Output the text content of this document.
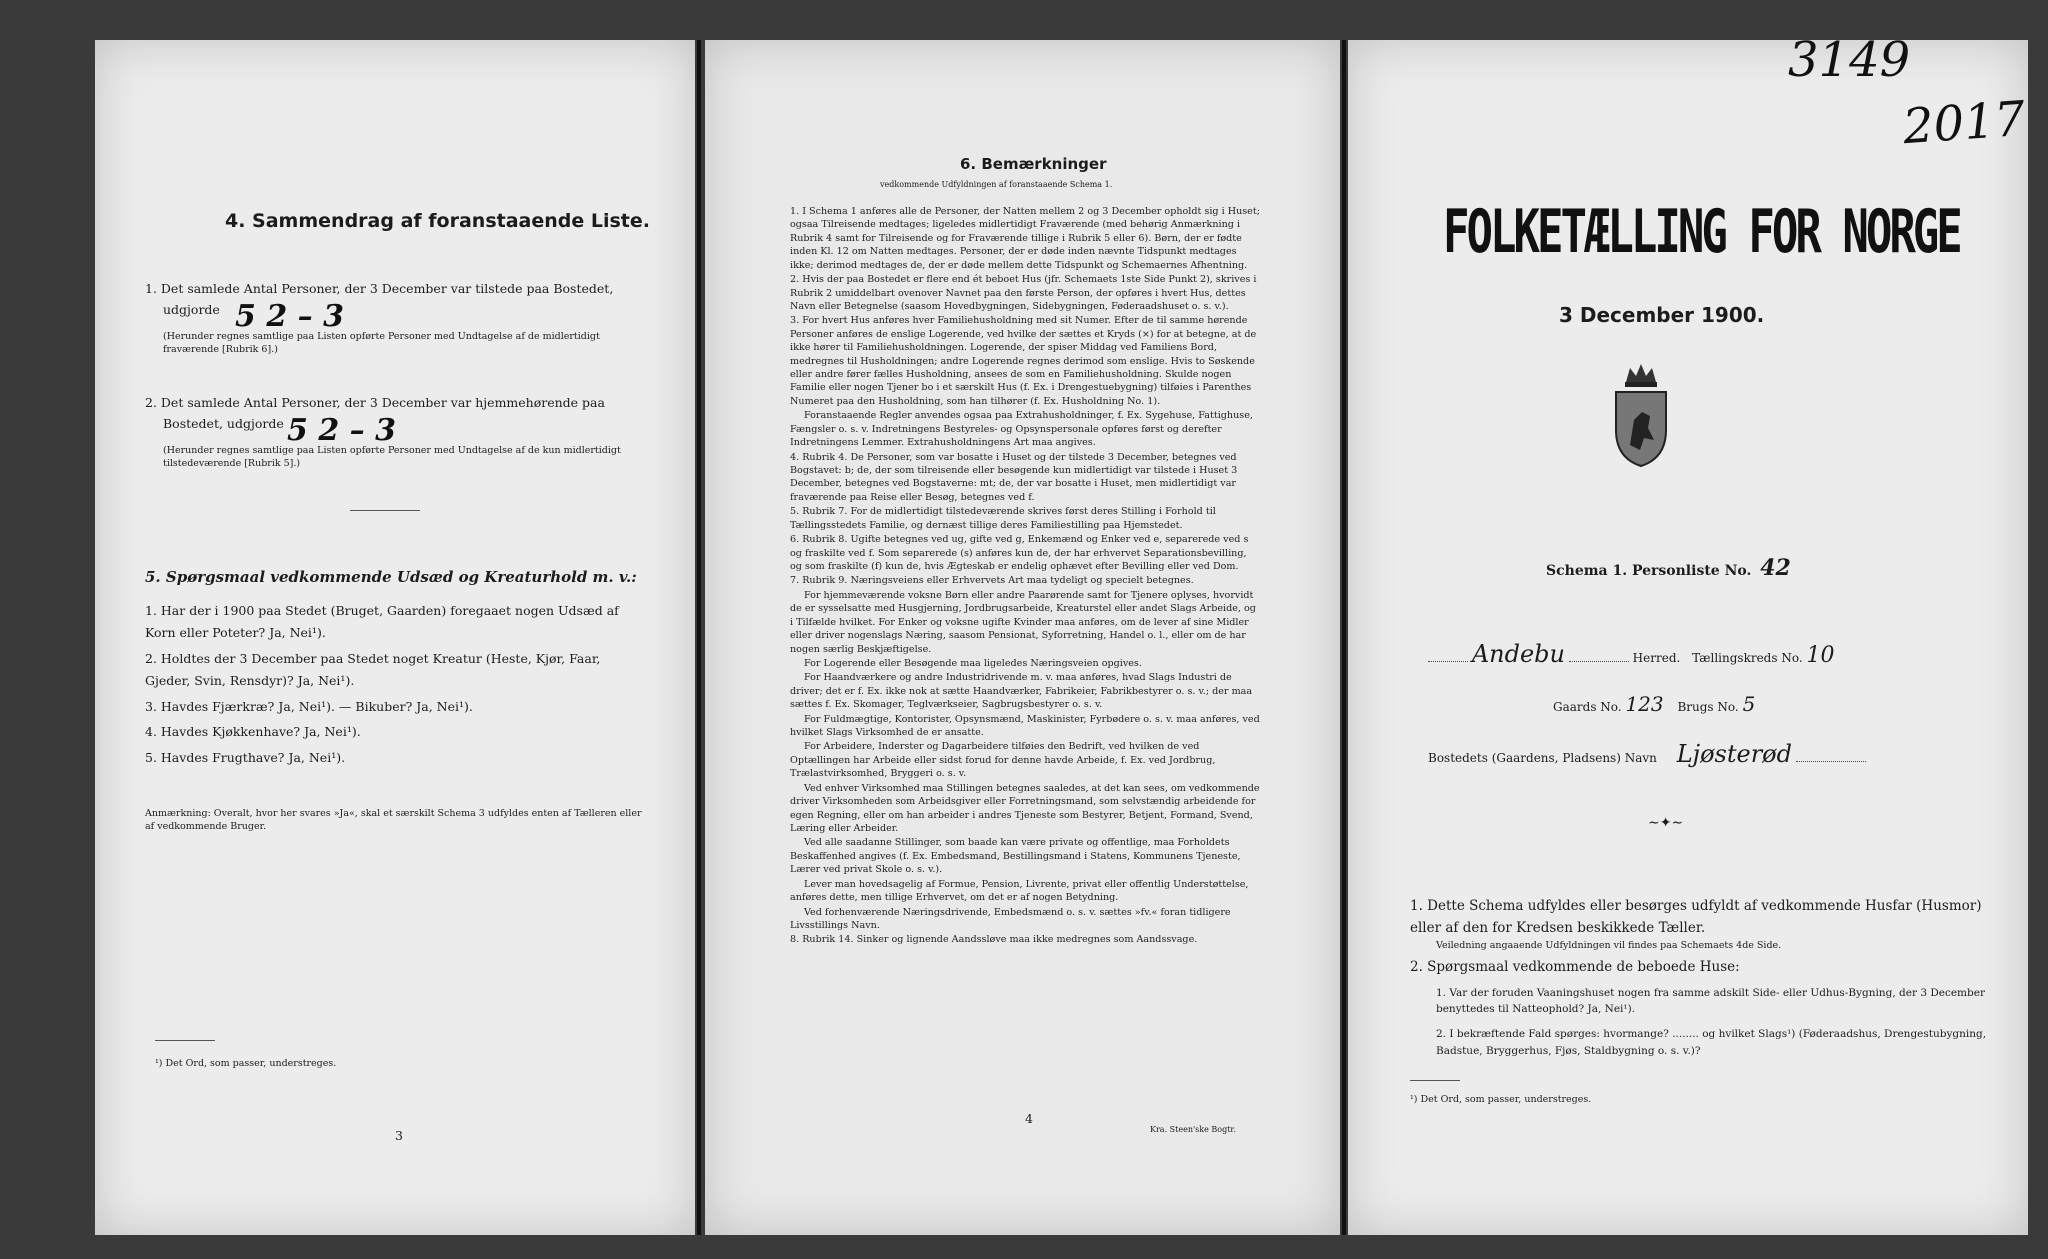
4. Sammendrag af foranstaaende Liste.
1. Det samlede Antal Personer, der 3 December var tilstede paa Bostedet,
udgjorde 5 2 – 3
(Herunder regnes samtlige paa Listen opførte Personer med Undtagelse af de midlertidigt fraværende [Rubrik 6].)
2. Det samlede Antal Personer, der 3 December var hjemmehørende paa
Bostedet, udgjorde 5 2 – 3
(Herunder regnes samtlige paa Listen opførte Personer med Undtagelse af de kun midlertidigt tilstedeværende [Rubrik 5].)
5. Spørgsmaal vedkommende Udsæd og Kreaturhold m. v.:
1. Har der i 1900 paa Stedet (Bruget, Gaarden) foregaaet nogen Udsæd af Korn eller Poteter? Ja, Nei¹).
2. Holdtes der 3 December paa Stedet noget Kreatur (Heste, Kjør, Faar, Gjeder, Svin, Rensdyr)? Ja, Nei¹).
3. Havdes Fjærkræ? Ja, Nei¹). — Bikuber? Ja, Nei¹).
4. Havdes Kjøkkenhave? Ja, Nei¹).
5. Havdes Frugthave? Ja, Nei¹).
Anmærkning: Overalt, hvor her svares »Ja«, skal et særskilt Schema 3 udfyldes enten af Tælleren eller af vedkommende Bruger.
¹) Det Ord, som passer, understreges.
3
6. Bemærkninger
vedkommende Udfyldningen af foranstaaende Schema 1.

1. I Schema 1 anføres alle de Personer, der Natten mellem 2 og 3 December opholdt sig i Huset; ogsaa Tilreisende medtages; ligeledes midlertidigt Fraværende (med behørig Anmærkning i Rubrik 4 samt for Tilreisende og for Fraværende tillige i Rubrik 5 eller 6). Børn, der er fødte inden Kl. 12 om Natten medtages. Personer, der er døde inden nævnte Tidspunkt medtages ikke; derimod medtages de, der er døde mellem dette Tidspunkt og Schemaernes Afhentning.

2. Hvis der paa Bostedet er flere end ét beboet Hus (jfr. Schemaets 1ste Side Punkt 2), skrives i Rubrik 2 umiddelbart ovenover Navnet paa den første Person, der opføres i hvert Hus, dettes Navn eller Betegnelse (saasom Hovedbygningen, Sidebygningen, Føderaadshuset o. s. v.).

3. For hvert Hus anføres hver Familiehusholdning med sit Numer. Efter de til samme hørende Personer anføres de enslige Logerende, ved hvilke der sættes et Kryds (×) for at betegne, at de ikke hører til Familiehusholdningen. Logerende, der spiser Middag ved Familiens Bord, medregnes til Husholdningen; andre Logerende regnes derimod som enslige. Hvis to Søskende eller andre fører fælles Husholdning, ansees de som en Familiehusholdning. Skulde nogen Familie eller nogen Tjener bo i et særskilt Hus (f. Ex. i Drengestuebygning) tilføies i Parenthes Numeret paa den Husholdning, som han tilhører (f. Ex. Husholdning No. 1).

Foranstaaende Regler anvendes ogsaa paa Extrahusholdninger, f. Ex. Sygehuse, Fattighuse, Fængsler o. s. v. Indretningens Bestyreles- og Opsynspersonale opføres først og derefter Indretningens Lemmer. Extrahusholdningens Art maa angives.

4. Rubrik 4. De Personer, som var bosatte i Huset og der tilstede 3 December, betegnes ved Bogstavet: b; de, der som tilreisende eller besøgende kun midlertidigt var tilstede i Huset 3 December, betegnes ved Bogstaverne: mt; de, der var bosatte i Huset, men midlertidigt var fraværende paa Reise eller Besøg, betegnes ved f.

5. Rubrik 7. For de midlertidigt tilstedeværende skrives først deres Stilling i Forhold til Tællingsstedets Familie, og dernæst tillige deres Familiestilling paa Hjemstedet.

6. Rubrik 8. Ugifte betegnes ved ug, gifte ved g, Enkemænd og Enker ved e, separerede ved s og fraskilte ved f. Som separerede (s) anføres kun de, der har erhvervet Separationsbevilling, og som fraskilte (f) kun de, hvis Ægteskab er endelig ophævet efter Bevilling eller ved Dom.

7. Rubrik 9. Næringsveiens eller Erhvervets Art maa tydeligt og specielt betegnes.

For hjemmeværende voksne Børn eller andre Paarørende samt for Tjenere oplyses, hvorvidt de er sysselsatte med Husgjerning, Jordbrugsarbeide, Kreaturstel eller andet Slags Arbeide, og i Tilfælde hvilket. For Enker og voksne ugifte Kvinder maa anføres, om de lever af sine Midler eller driver nogenslags Næring, saasom Pensionat, Syforretning, Handel o. l., eller om de har nogen særlig Beskjæftigelse.

For Logerende eller Besøgende maa ligeledes Næringsveien opgives.

For Haandværkere og andre Industridrivende m. v. maa anføres, hvad Slags Industri de driver; det er f. Ex. ikke nok at sætte Haandværker, Fabrikeier, Fabrikbestyrer o. s. v.; der maa sættes f. Ex. Skomager, Teglværkseier, Sagbrugsbestyrer o. s. v.

For Fuldmægtige, Kontorister, Opsynsmænd, Maskinister, Fyrbødere o. s. v. maa anføres, ved hvilket Slags Virksomhed de er ansatte.

For Arbeidere, Inderster og Dagarbeidere tilføies den Bedrift, ved hvilken de ved Optællingen har Arbeide eller sidst forud for denne havde Arbeide, f. Ex. ved Jordbrug, Trælastvirksomhed, Bryggeri o. s. v.

Ved enhver Virksomhed maa Stillingen betegnes saaledes, at det kan sees, om vedkommende driver Virksomheden som Arbeidsgiver eller Forretningsmand, som selvstændig arbeidende for egen Regning, eller om han arbeider i andres Tjeneste som Bestyrer, Betjent, Formand, Svend, Læring eller Arbeider.

Ved alle saadanne Stillinger, som baade kan være private og offentlige, maa Forholdets Beskaffenhed angives (f. Ex. Embedsmand, Bestillingsmand i Statens, Kommunens Tjeneste, Lærer ved privat Skole o. s. v.).

Lever man hovedsagelig af Formue, Pension, Livrente, privat eller offentlig Understøttelse, anføres dette, men tillige Erhvervet, om det er af nogen Betydning.

Ved forhenværende Næringsdrivende, Embedsmænd o. s. v. sættes »fv.« foran tidligere Livsstillings Navn.

8. Rubrik 14. Sinker og lignende Aandssløve maa ikke medregnes som Aandssvage.

4
Kra. Steen'ske Bogtr.
3149
2017
FOLKETÆLLING FOR NORGE
3 December 1900.
Schema 1. Personliste No. 42
Andebu	Herred. Tællingskreds No. 10
Gaards No. 123 Brugs No. 5
Bostedets (Gaardens, Pladsens) Navn Ljøsterød
∼✦∼
1. Dette Schema udfyldes eller besørges udfyldt af vedkommende Husfar (Husmor) eller af den for Kredsen beskikkede Tæller.
Veiledning angaaende Udfyldningen vil findes paa Schemaets 4de Side.
2. Spørgsmaal vedkommende de beboede Huse:
1. Var der foruden Vaaningshuset nogen fra samme adskilt Side- eller Udhus-Bygning, der 3 December benyttedes til Natteophold? Ja, Nei¹).
2. I bekræftende Fald spørges: hvormange? ........ og hvilket Slags¹) (Føderaadshus, Drengestubygning, Badstue, Bryggerhus, Fjøs, Staldbygning o. s. v.)?
¹) Det Ord, som passer, understreges.
